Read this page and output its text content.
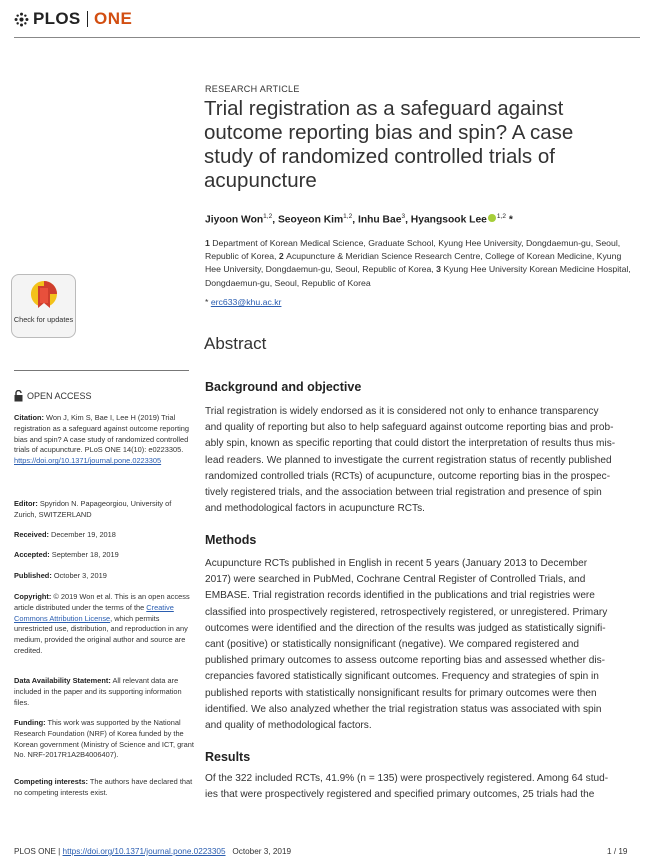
PLOS ONE
RESEARCH ARTICLE
Trial registration as a safeguard against outcome reporting bias and spin? A case study of randomized controlled trials of acupuncture
Jiyoon Won$^{1,2}$, Seoyeon Kim$^{1,2}$, Inhu Bae$^3$, Hyangsook Lee $^{1,2}$ *
1 Department of Korean Medical Science, Graduate School, Kyung Hee University, Dongdaemun-gu, Seoul, Republic of Korea, 2 Acupuncture & Meridian Science Research Centre, College of Korean Medicine, Kyung Hee University, Dongdaemun-gu, Seoul, Republic of Korea, 3 Kyung Hee University Korean Medicine Hospital, Dongdaemun-gu, Seoul, Republic of Korea
* erc633@khu.ac.kr
Abstract
Background and objective
Trial registration is widely endorsed as it is considered not only to enhance transparency
and quality of reporting but also to help safeguard against outcome reporting bias and prob-
ably spin, known as specific reporting that could distort the interpretation of results thus mis-
lead readers. We planned to investigate the current registration status of recently published
randomized controlled trials (RCTs) of acupuncture, outcome reporting bias in the prospec-
tively registered trials, and the association between trial registration and presence of spin
and methodological factors in acupuncture RCTs.
Methods
Acupuncture RCTs published in English in recent 5 years (January 2013 to December
2017) were searched in PubMed, Cochrane Central Register of Controlled Trials, and
EMBASE. Trial registration records identified in the publications and trial registries were
classified into prospectively registered, retrospectively registered, or unregistered. Primary
outcomes were identified and the direction of the results was judged as statistically signifi-
cant (positive) or statistically nonsignificant (negative). We compared registered and
published primary outcomes to assess outcome reporting bias and assessed whether dis-
crepancies favored statistically significant outcomes. Frequency and strategies of spin in
published reports with statistically nonsignificant results for primary outcomes were then
identified. We also analyzed whether the trial registration status was associated with spin
and quality of methodological factors.
Results
Of the 322 included RCTs, 41.9% (n = 135) were prospectively registered. Among 64 stud-
ies that were prospectively registered and specified primary outcomes, 25 trials had the
Check for updates
OPEN ACCESS
Citation: Won J, Kim S, Bae I, Lee H (2019) Trial registration as a safeguard against outcome reporting bias and spin? A case study of randomized controlled trials of acupuncture. PLoS ONE 14(10): e0223305. https://doi.org/10.1371/journal.pone.0223305
Editor: Spyridon N. Papageorgiou, University of Zurich, SWITZERLAND
Received: December 19, 2018
Accepted: September 18, 2019
Published: October 3, 2019
Copyright: © 2019 Won et al. This is an open access article distributed under the terms of the Creative Commons Attribution License, which permits unrestricted use, distribution, and reproduction in any medium, provided the original author and source are credited.
Data Availability Statement: All relevant data are included in the paper and its supporting information files.
Funding: This work was supported by the National Research Foundation (NRF) of Korea funded by the Korean government (Ministry of Science and ICT, grant No. NRF-2017R1A2B4006407).
Competing interests: The authors have declared that no competing interests exist.
PLOS ONE | https://doi.org/10.1371/journal.pone.0223305 October 3, 2019	1 / 19
